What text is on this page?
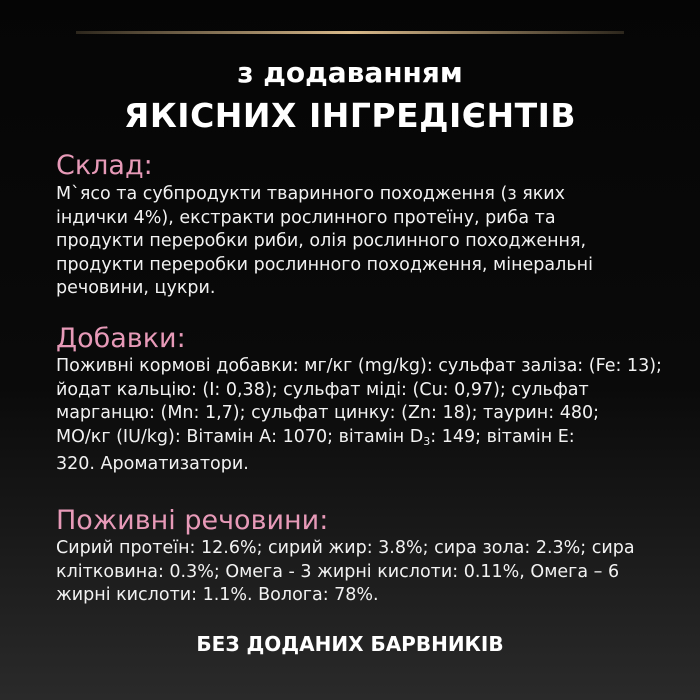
з додаванням
ЯКІСНИХ ІНГРЕДІЄНТІВ
Склад:
М`ясо та субпродукти тваринного походження (з яких
індички 4%), екстракти рослинного протеїну, риба та
продукти переробки риби, олія рослинного походження,
продукти переробки рослинного походження, мінеральні
речовини, цукри.
Добавки:
Поживні кормові добавки: мг/кг (mg/kg): сульфат заліза: (Fe: 13);
йодат кальцію: (I: 0,38); сульфат міді: (Cu: 0,97); сульфат
марганцю: (Mn: 1,7); сульфат цинку: (Zn: 18); таурин: 480;
МО/кг (IU/kg): Вітамін А: 1070; вітамін $D_3$: 149; вітамін Е:
320. Ароматизатори.
Поживні речовини:
Сирий протеїн: 12.6%; сирий жир: 3.8%; сира зола: 2.3%; сира
клітковина: 0.3%; Омега - 3 жирні кислоти: 0.11%, Омега – 6
жирні кислоти: 1.1%. Волога: 78%.
БЕЗ ДОДАНИХ БАРВНИКІВ
